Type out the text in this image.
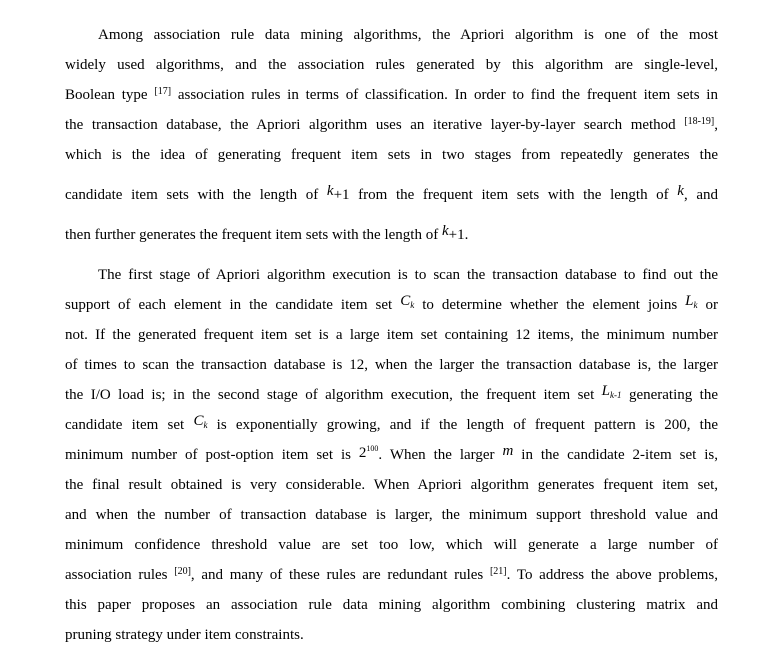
Among association rule data mining algorithms, the Apriori algorithm is one of the most
widely used algorithms, and the association rules generated by this algorithm are single-level,
Boolean type [17] association rules in terms of classification. In order to find the frequent item sets in
the transaction database, the Apriori algorithm uses an iterative layer-by-layer search method [18-19],
which is the idea of generating frequent item sets in two stages from repeatedly generates the
candidate item sets with the length of k+1 from the frequent item sets with the length of k, and
then further generates the frequent item sets with the length of k+1.
The first stage of Apriori algorithm execution is to scan the transaction database to find out the
support of each element in the candidate item set $C_k$ to determine whether the element joins $L_k$ or
not. If the generated frequent item set is a large item set containing 12 items, the minimum number
of times to scan the transaction database is 12, when the larger the transaction database is, the larger
the I/O load is; in the second stage of algorithm execution, the frequent item set $L_{k-1}$ generating the
candidate item set $C_k$ is exponentially growing, and if the length of frequent pattern is 200, the
minimum number of post-option item set is $2^{100}$. When the larger m in the candidate 2-item set is,
the final result obtained is very considerable. When Apriori algorithm generates frequent item set,
and when the number of transaction database is larger, the minimum support threshold value and
minimum confidence threshold value are set too low, which will generate a large number of
association rules [20], and many of these rules are redundant rules [21]. To address the above problems,
this paper proposes an association rule data mining algorithm combining clustering matrix and
pruning strategy under item constraints.
